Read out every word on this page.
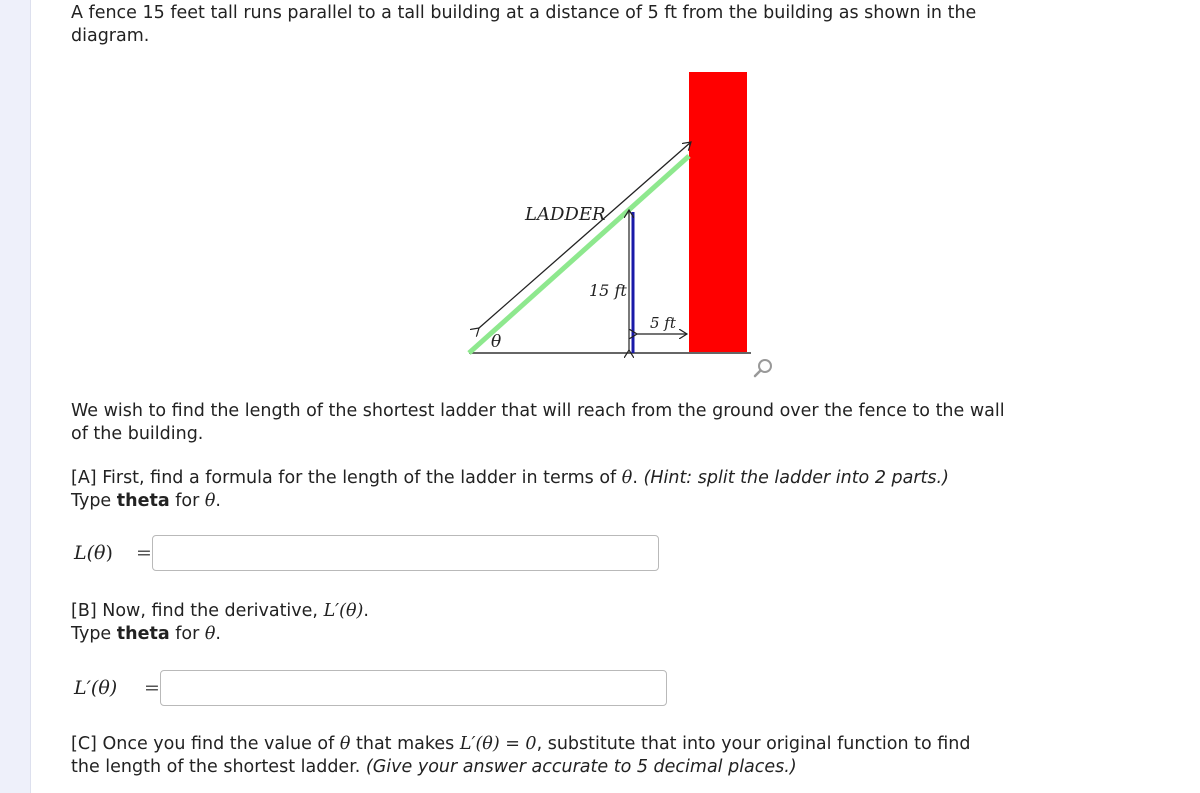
A fence 15 feet tall runs parallel to a tall building at a distance of 5 ft from the building as shown in the
diagram.

LADDER
15 ft
5 ft
θ

We wish to find the length of the shortest ladder that will reach from the ground over the fence to the wall
of the building.

[A] First, find a formula for the length of the ladder in terms of θ. (Hint: split the ladder into 2 parts.)
Type theta for θ.

L(θ)	=

[B] Now, find the derivative, L′(θ).
Type theta for θ.

L′(θ)	=

[C] Once you find the value of θ that makes L′(θ) = 0, substitute that into your original function to find
the length of the shortest ladder. (Give your answer accurate to 5 decimal places.)
